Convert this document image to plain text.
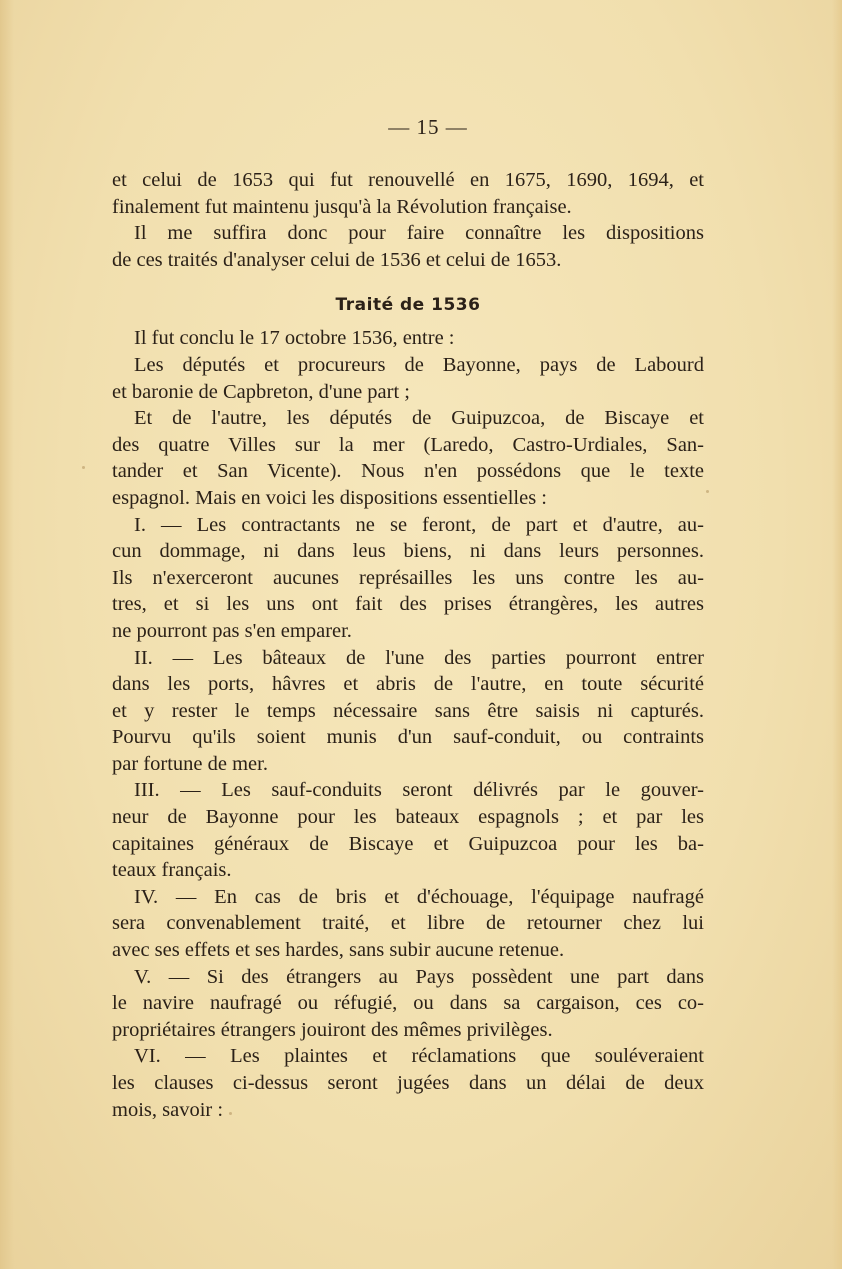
— 15 —
et celui de 1653 qui fut renouvellé en 1675, 1690, 1694, et
finalement fut maintenu jusqu'à la Révolution française.
Il me suffira donc pour faire connaître les dispositions
de ces traités d'analyser celui de 1536 et celui de 1653.
Traité de 1536
Il fut conclu le 17 octobre 1536, entre :
Les députés et procureurs de Bayonne, pays de Labourd
et baronie de Capbreton, d'une part ;
Et de l'autre, les députés de Guipuzcoa, de Biscaye et
des quatre Villes sur la mer (Laredo, Castro-Urdiales, San-
tander et San Vicente). Nous n'en possédons que le texte
espagnol. Mais en voici les dispositions essentielles :
I. — Les contractants ne se feront, de part et d'autre, au-
cun dommage, ni dans leus biens, ni dans leurs personnes.
Ils n'exerceront aucunes représailles les uns contre les au-
tres, et si les uns ont fait des prises étrangères, les autres
ne pourront pas s'en emparer.
II. — Les bâteaux de l'une des parties pourront entrer
dans les ports, hâvres et abris de l'autre, en toute sécurité
et y rester le temps nécessaire sans être saisis ni capturés.
Pourvu qu'ils soient munis d'un sauf-conduit, ou contraints
par fortune de mer.
III. — Les sauf-conduits seront délivrés par le gouver-
neur de Bayonne pour les bateaux espagnols ; et par les
capitaines généraux de Biscaye et Guipuzcoa pour les ba-
teaux français.
IV. — En cas de bris et d'échouage, l'équipage naufragé
sera convenablement traité, et libre de retourner chez lui
avec ses effets et ses hardes, sans subir aucune retenue.
V. — Si des étrangers au Pays possèdent une part dans
le navire naufragé ou réfugié, ou dans sa cargaison, ces co-
propriétaires étrangers jouiront des mêmes privilèges.
VI. — Les plaintes et réclamations que souléveraient
les clauses ci-dessus seront jugées dans un délai de deux
mois, savoir :
